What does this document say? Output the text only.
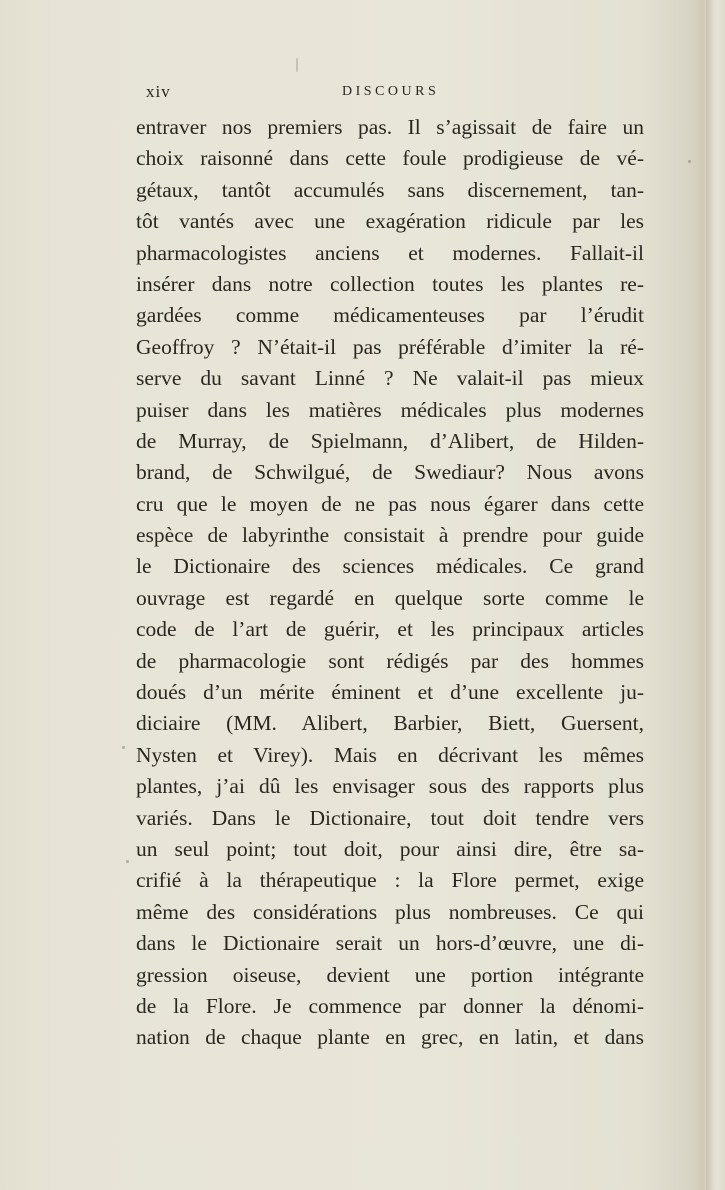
xiv	DISCOURS
entraver nos premiers pas. Il s’agissait de faire un
choix raisonné dans cette foule prodigieuse de vé-
gétaux, tantôt accumulés sans discernement, tan-
tôt vantés avec une exagération ridicule par les
pharmacologistes anciens et modernes. Fallait-il
insérer dans notre collection toutes les plantes re-
gardées comme médicamenteuses par l’érudit
Geoffroy ? N’était-il pas préférable d’imiter la ré-
serve du savant Linné ? Ne valait-il pas mieux
puiser dans les matières médicales plus modernes
de Murray, de Spielmann, d’Alibert, de Hilden-
brand, de Schwilgué, de Swediaur? Nous avons
cru que le moyen de ne pas nous égarer dans cette
espèce de labyrinthe consistait à prendre pour guide
le Dictionaire des sciences médicales. Ce grand
ouvrage est regardé en quelque sorte comme le
code de l’art de guérir, et les principaux articles
de pharmacologie sont rédigés par des hommes
doués d’un mérite éminent et d’une excellente ju-
diciaire (MM. Alibert, Barbier, Biett, Guersent,
Nysten et Virey). Mais en décrivant les mêmes
plantes, j’ai dû les envisager sous des rapports plus
variés. Dans le Dictionaire, tout doit tendre vers
un seul point; tout doit, pour ainsi dire, être sa-
crifié à la thérapeutique : la Flore permet, exige
même des considérations plus nombreuses. Ce qui
dans le Dictionaire serait un hors-d’œuvre, une di-
gression oiseuse, devient une portion intégrante
de la Flore. Je commence par donner la dénomi-
nation de chaque plante en grec, en latin, et dans
